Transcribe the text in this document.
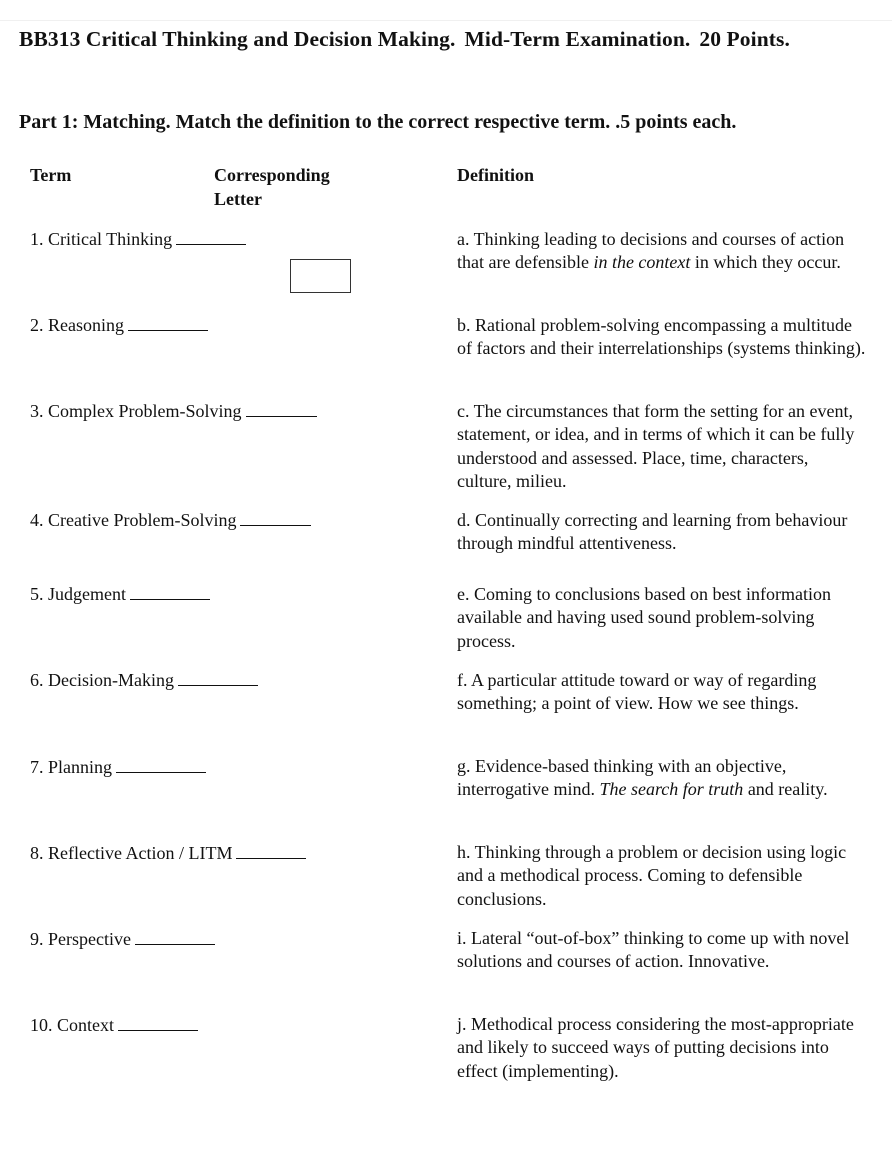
BB313 Critical Thinking and Decision Making. Mid-Term Examination. 20 Points.
Part 1: Matching. Match the definition to the correct respective term. .5 points each.
Term	Corresponding
Letter
Definition
1. Critical Thinking
2. Reasoning
3. Complex Problem-Solving
4. Creative Problem-Solving
5. Judgement
6. Decision-Making
7. Planning
8. Reflective Action / LITM
9. Perspective
10. Context
a. Thinking leading to decisions and courses of action that are defensible in the context in which they occur.
b. Rational problem-solving encompassing a multitude of factors and their interrelationships (systems thinking).
c. The circumstances that form the setting for an event, statement, or idea, and in terms of which it can be fully understood and assessed. Place, time, characters, culture, milieu.
d. Continually correcting and learning from behaviour through mindful attentiveness.
e. Coming to conclusions based on best information available and having used sound problem-solving process.
f. A particular attitude toward or way of regarding something; a point of view. How we see things.
g. Evidence-based thinking with an objective, interrogative mind. The search for truth and reality.
h. Thinking through a problem or decision using logic and a methodical process. Coming to defensible conclusions.
i. Lateral “out-of-box” thinking to come up with novel solutions and courses of action. Innovative.
j. Methodical process considering the most-appropriate and likely to succeed ways of putting decisions into effect (implementing).
